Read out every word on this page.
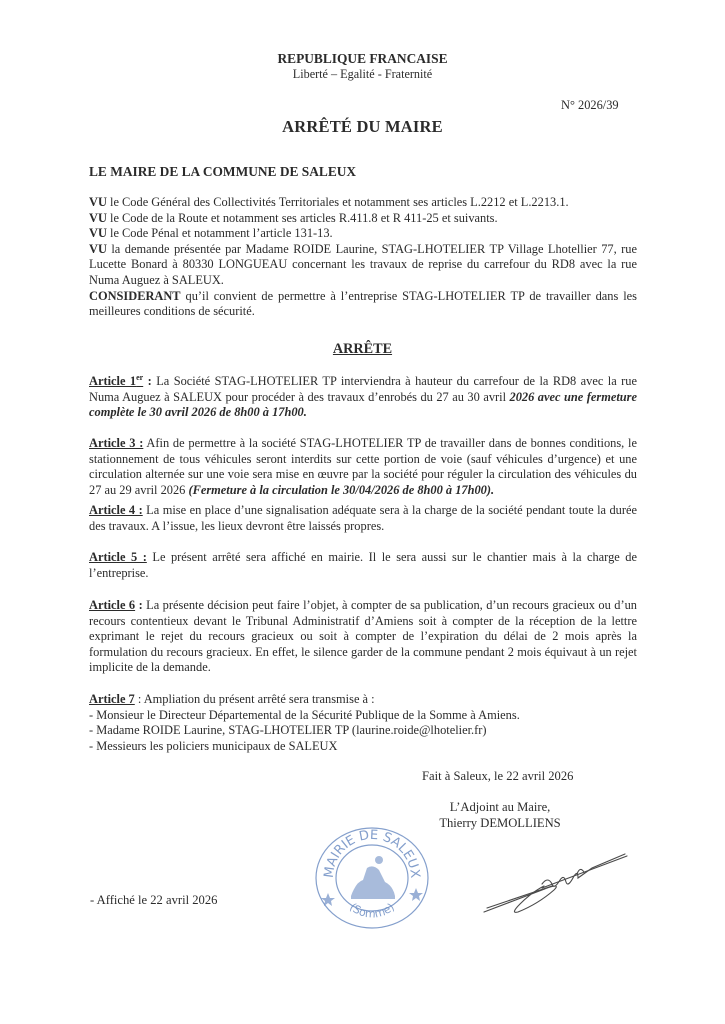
REPUBLIQUE FRANCAISE
Liberté – Egalité - Fraternité
N° 2026/39
ARRÊTÉ DU MAIRE
LE MAIRE DE LA COMMUNE DE SALEUX

VU le Code Général des Collectivités Territoriales et notamment ses articles L.2212 et L.2213.1.

VU le Code de la Route et notamment ses articles R.411.8 et R 411-25 et suivants.

VU le Code Pénal et notamment l’article 131-13.

VU la demande présentée par Madame ROIDE Laurine, STAG-LHOTELIER TP Village Lhotellier 77, rue Lucette Bonard à 80330 LONGUEAU concernant les travaux de reprise du carrefour du RD8 avec la rue Numa Auguez à SALEUX.

CONSIDERANT qu’il convient de permettre à l’entreprise STAG-LHOTELIER TP de travailler dans les meilleures conditions de sécurité.

ARRÊTE

Article 1er : La Société STAG-LHOTELIER TP interviendra à hauteur du carrefour de la RD8 avec la rue Numa Auguez à SALEUX pour procéder à des travaux d’enrobés du 27 au 30 avril 2026 avec une fermeture complète le 30 avril 2026 de 8h00 à 17h00.

Article 3 : Afin de permettre à la société STAG-LHOTELIER TP de travailler dans de bonnes conditions, le stationnement de tous véhicules seront interdits sur cette portion de voie (sauf véhicules d’urgence) et une circulation alternée sur une voie sera mise en œuvre par la société pour réguler la circulation des véhicules du 27 au 29 avril 2026 (Fermeture à la circulation le 30/04/2026 de 8h00 à 17h00).

Article 4 : La mise en place d’une signalisation adéquate sera à la charge de la société pendant toute la durée des travaux. A l’issue, les lieux devront être laissés propres.

Article 5 : Le présent arrêté sera affiché en mairie. Il le sera aussi sur le chantier mais à la charge de l’entreprise.

Article 6 : La présente décision peut faire l’objet, à compter de sa publication, d’un recours gracieux ou d’un recours contentieux devant le Tribunal Administratif d’Amiens soit à compter de la réception de la lettre exprimant le rejet du recours gracieux ou soit à compter de l’expiration du délai de 2 mois après la formulation du recours gracieux. En effet, le silence garder de la commune pendant 2 mois équivaut à un rejet implicite de la demande.

Article 7 : Ampliation du présent arrêté sera transmise à :

- Monsieur le Directeur Départemental de la Sécurité Publique de la Somme à Amiens.

- Madame ROIDE Laurine, STAG-LHOTELIER TP (laurine.roide@lhotelier.fr)

- Messieurs les policiers municipaux de SALEUX

Fait à Saleux, le 22 avril 2026
L’Adjoint au Maire,
Thierry DEMOLLIENS
MAIRIE DE SALEUX
(Somme)
- Affiché le 22 avril 2026
